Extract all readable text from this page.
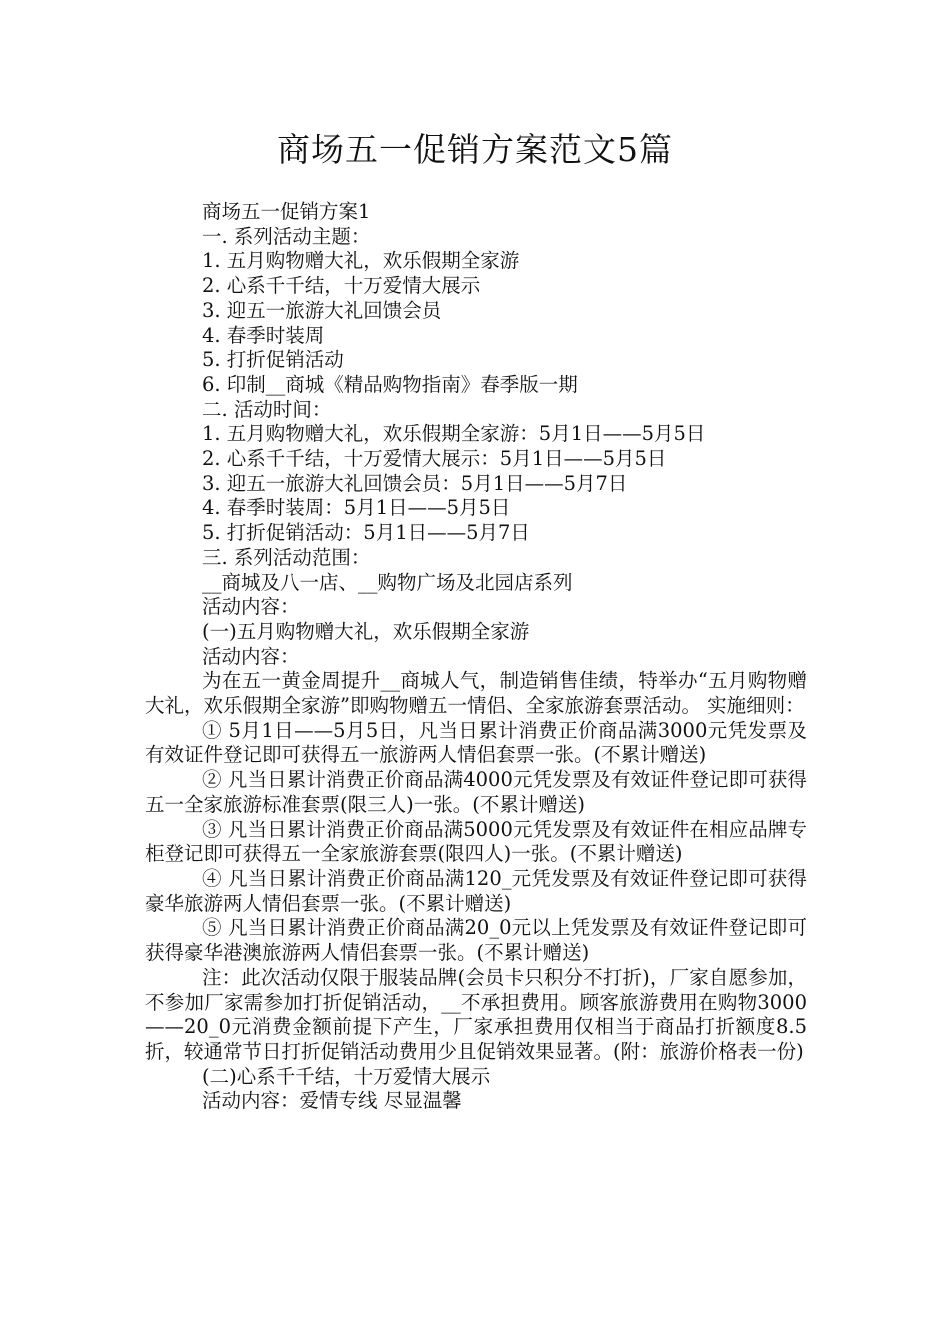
商场五一促销方案范文5篇

商场五一促销方案1

一. 系列活动主题：

1. 五月购物赠大礼，欢乐假期全家游

2. 心系千千结，十万爱情大展示

3. 迎五一旅游大礼回馈会员

4. 春季时装周

5. 打折促销活动

6. 印制__商城《精品购物指南》春季版一期

二. 活动时间：

1. 五月购物赠大礼，欢乐假期全家游：5月1日——5月5日

2. 心系千千结，十万爱情大展示：5月1日——5月5日

3. 迎五一旅游大礼回馈会员：5月1日——5月7日

4. 春季时装周：5月1日——5月5日

5. 打折促销活动：5月1日——5月7日

三. 系列活动范围：

__商城及八一店、__购物广场及北园店系列

活动内容：

(一)五月购物赠大礼，欢乐假期全家游

活动内容：

为在五一黄金周提升__商城人气，制造销售佳绩，特举办“五月购物赠大礼，欢乐假期全家游”即购物赠五一情侣、全家旅游套票活动。 实施细则：

① 5月1日——5月5日，凡当日累计消费正价商品满3000元凭发票及有效证件登记即可获得五一旅游两人情侣套票一张。(不累计赠送)

② 凡当日累计消费正价商品满4000元凭发票及有效证件登记即可获得五一全家旅游标准套票(限三人)一张。(不累计赠送)

③ 凡当日累计消费正价商品满5000元凭发票及有效证件在相应品牌专柜登记即可获得五一全家旅游套票(限四人)一张。(不累计赠送)

④ 凡当日累计消费正价商品满120_元凭发票及有效证件登记即可获得豪华旅游两人情侣套票一张。(不累计赠送)

⑤ 凡当日累计消费正价商品满20_0元以上凭发票及有效证件登记即可获得豪华港澳旅游两人情侣套票一张。(不累计赠送)

注：此次活动仅限于服装品牌(会员卡只积分不打折)，厂家自愿参加，不参加厂家需参加打折促销活动，__不承担费用。顾客旅游费用在购物3000——20_0元消费金额前提下产生，厂家承担费用仅相当于商品打折额度8.5折，较通常节日打折促销活动费用少且促销效果显著。(附：旅游价格表一份)

(二)心系千千结，十万爱情大展示

活动内容：爱情专线 尽显温馨
